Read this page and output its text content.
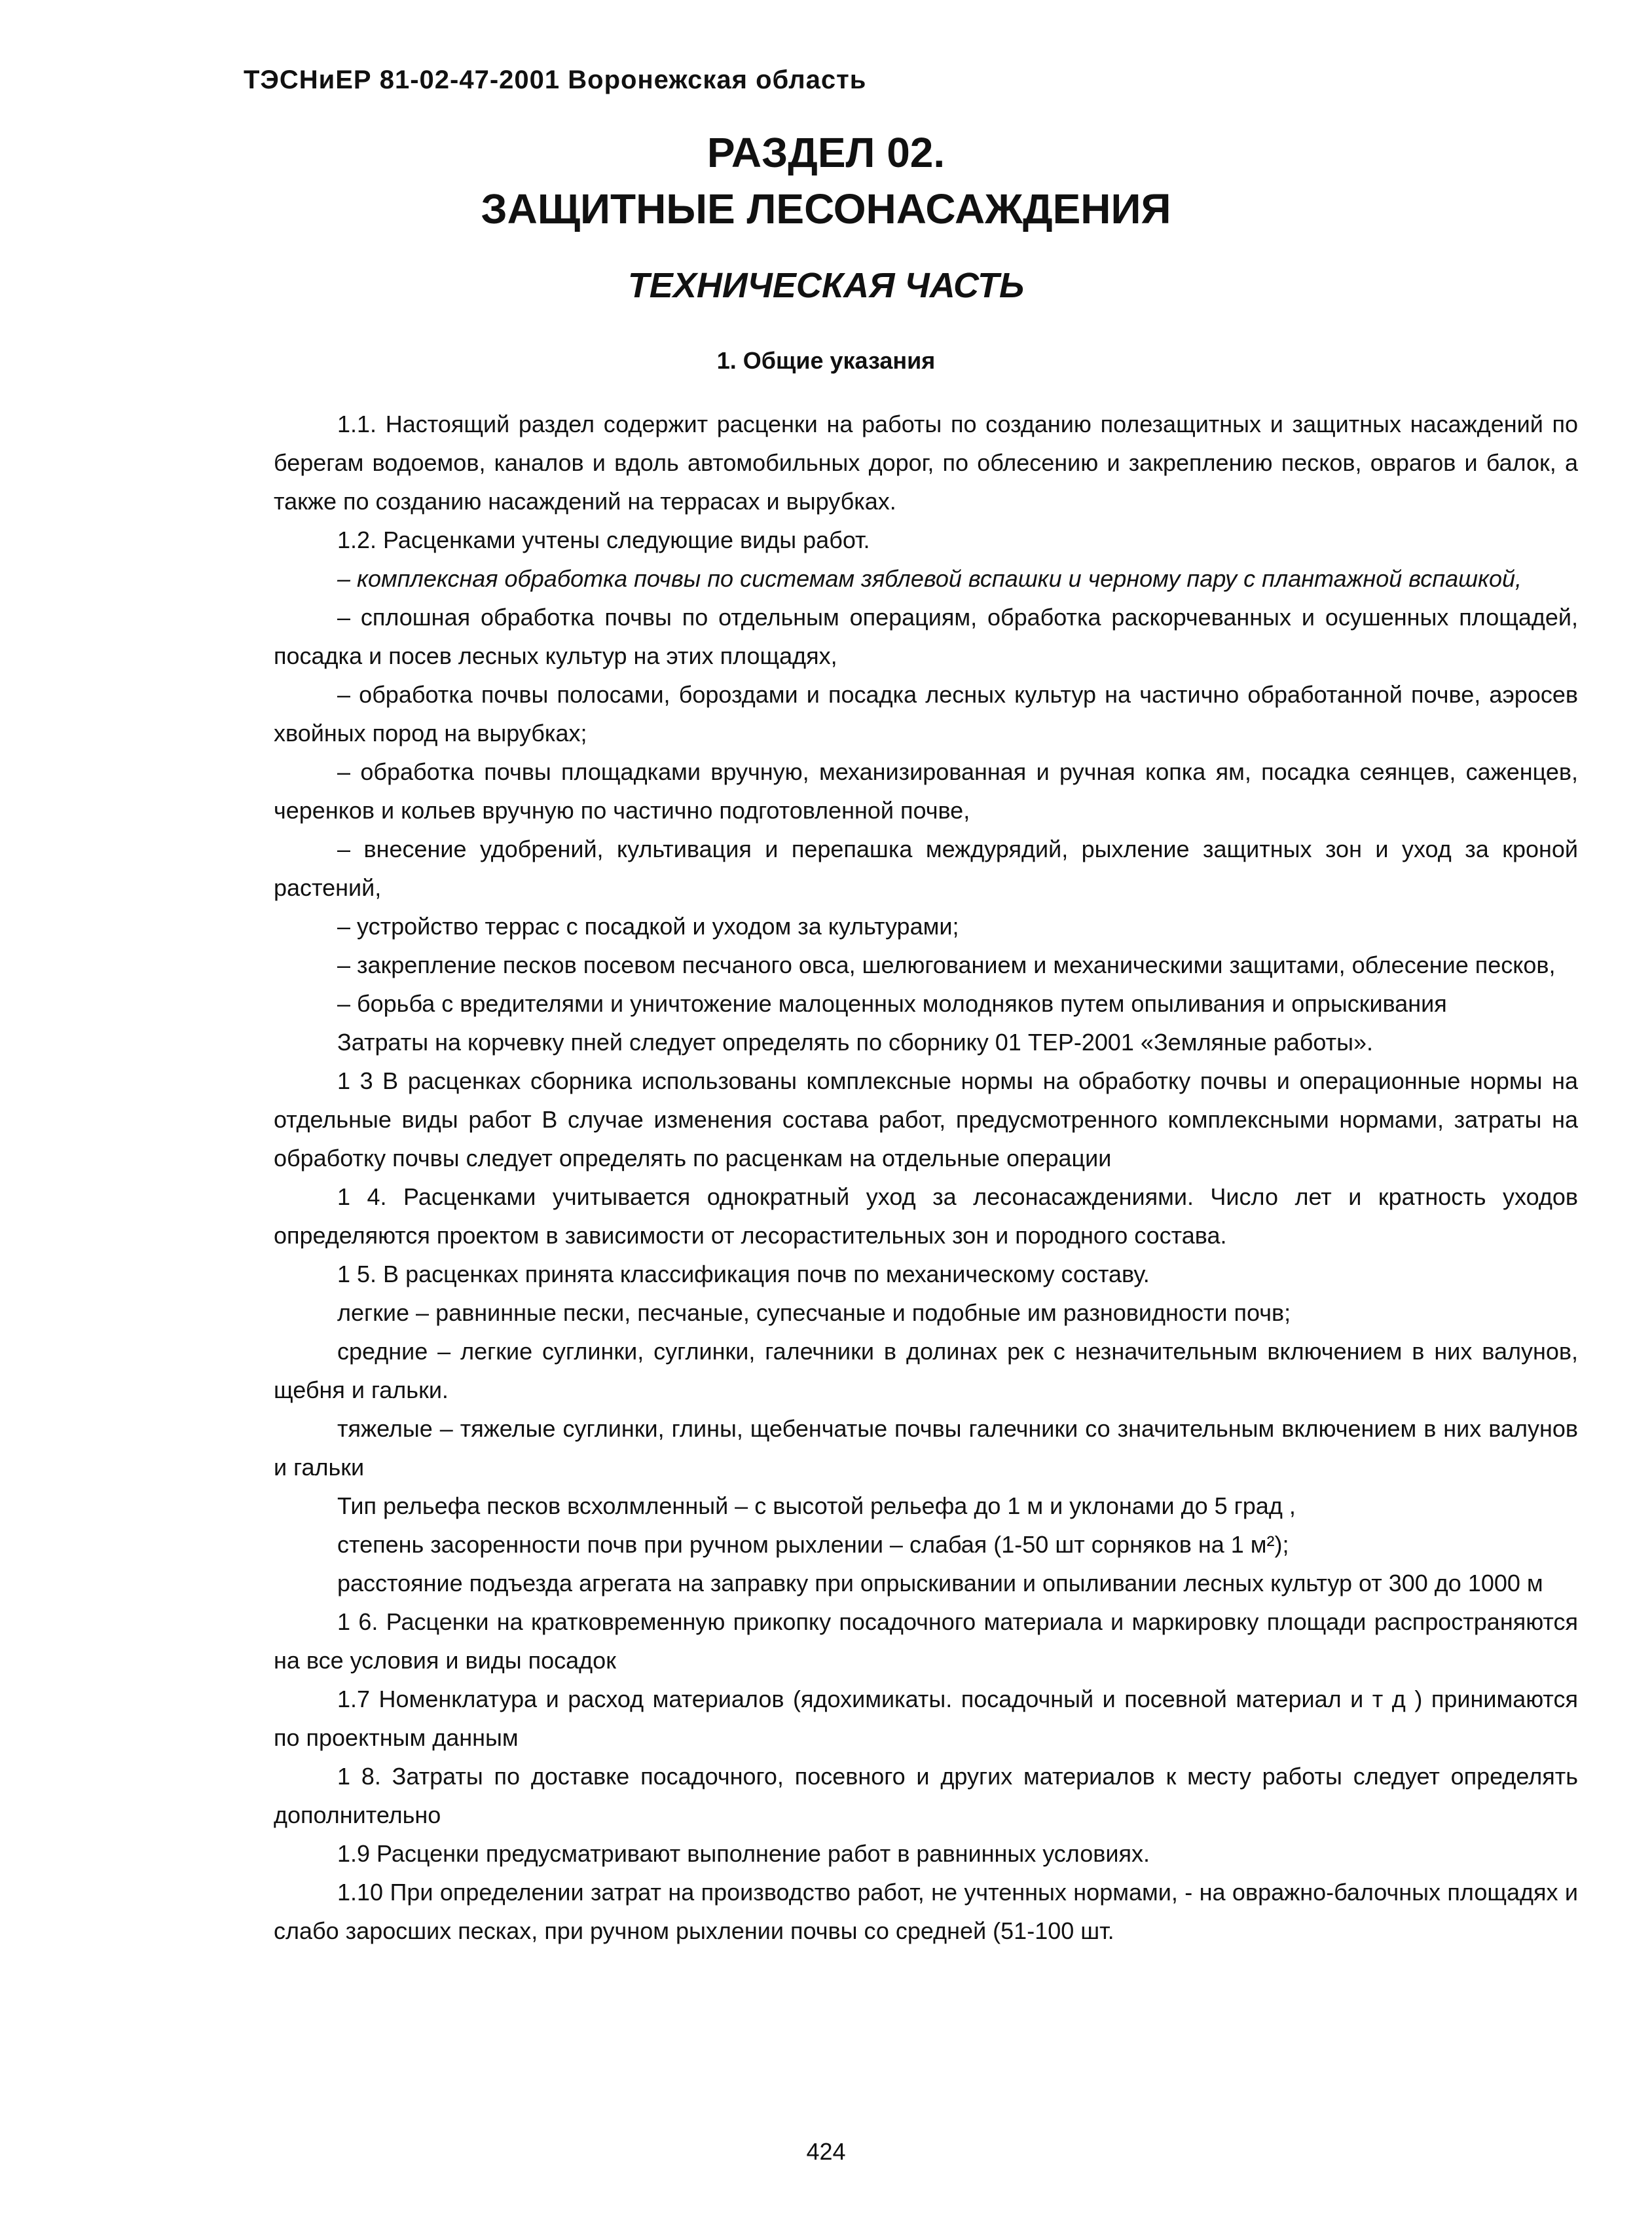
ТЭСНиЕР 81-02-47-2001 Воронежская область
РАЗДЕЛ 02.
ЗАЩИТНЫЕ ЛЕСОНАСАЖДЕНИЯ
ТЕХНИЧЕСКАЯ ЧАСТЬ
1. Общие указания

1.1. Настоящий раздел содержит расценки на работы по созданию полезащитных и защитных насаждений по берегам водоемов, каналов и вдоль автомобильных дорог, по облесению и закреплению песков, оврагов и балок, а также по созданию насаждений на террасах и вырубках.

1.2. Расценками учтены следующие виды работ.

– комплексная обработка почвы по системам зяблевой вспашки и черному пару с плантажной вспашкой,

– сплошная обработка почвы по отдельным операциям, обработка раскорчеванных и осушенных площадей, посадка и посев лесных культур на этих площадях,

– обработка почвы полосами, бороздами и посадка лесных культур на частично обработанной почве, аэросев хвойных пород на вырубках;

– обработка почвы площадками вручную, механизированная и ручная копка ям, посадка сеянцев, саженцев, черенков и кольев вручную по частично подготовленной почве,

– внесение удобрений, культивация и перепашка междурядий, рыхление защитных зон и уход за кроной растений,

– устройство террас с посадкой и уходом за культурами;

– закрепление песков посевом песчаного овса, шелюгованием и механическими защитами, облесение песков,

– борьба с вредителями и уничтожение малоценных молодняков путем опыливания и опрыскивания

Затраты на корчевку пней следует определять по сборнику 01 ТЕР-2001 «Земляные работы».

1 3 В расценках сборника использованы комплексные нормы на обработку почвы и операционные нормы на отдельные виды работ В случае изменения состава работ, предусмотренного комплексными нормами, затраты на обработку почвы следует определять по расценкам на отдельные операции

1 4. Расценками учитывается однократный уход за лесонасаждениями. Число лет и кратность уходов определяются проектом в зависимости от лесорастительных зон и породного состава.

1 5. В расценках принята классификация почв по механическому составу.

легкие – равнинные пески, песчаные, супесчаные и подобные им разновидности почв;

средние – легкие суглинки, суглинки, галечники в долинах рек с незначительным включением в них валунов, щебня и гальки.

тяжелые – тяжелые суглинки, глины, щебенчатые почвы галечники со значительным включением в них валунов и гальки

Тип рельефа песков всхолмленный – с высотой рельефа до 1 м и уклонами до 5 град ,

степень засоренности почв при ручном рыхлении – слабая (1-50 шт сорняков на 1 м²);

расстояние подъезда агрегата на заправку при опрыскивании и опыливании лесных культур от 300 до 1000 м

1 6. Расценки на кратковременную прикопку посадочного материала и маркировку площади распространяются на все условия и виды посадок

1.7 Номенклатура и расход материалов (ядохимикаты. посадочный и посевной материал и т д ) принимаются по проектным данным

1 8. Затраты по доставке посадочного, посевного и других материалов к месту работы следует определять дополнительно

1.9 Расценки предусматривают выполнение работ в равнинных условиях.

1.10 При определении затрат на производство работ, не учтенных нормами, - на овражно-балочных площадях и слабо заросших песках, при ручном рыхлении почвы со средней (51-100 шт.

424
